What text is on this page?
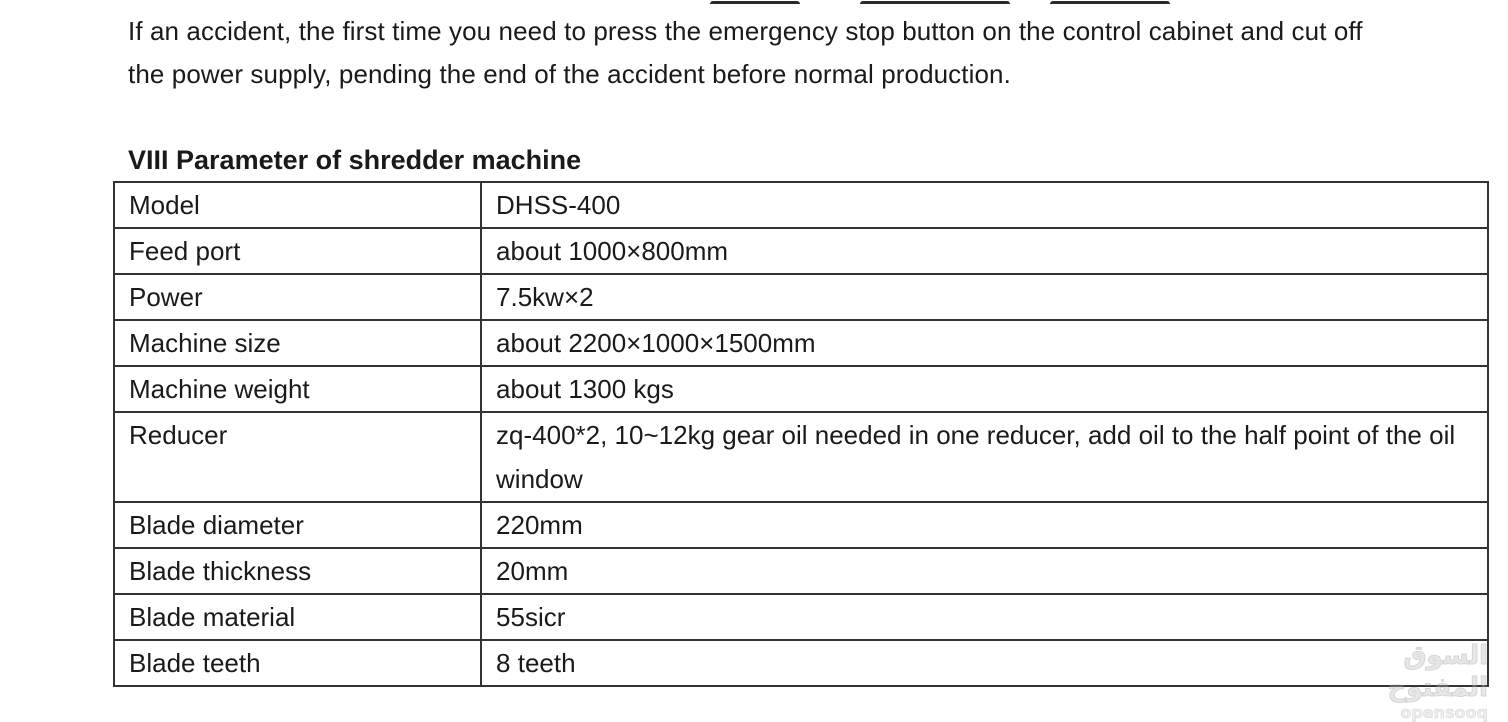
If an accident, the first time you need to press the emergency stop button on the control cabinet and cut off

the power supply, pending the end of the accident before normal production.

VIII Parameter of shredder machine
Model	DHSS-400
Feed port	about 1000×800mm
Power	7.5kw×2
Machine size	about 2200×1000×1500mm
Machine weight	about 1300 kgs
Reducer	zq-400*2, 10~12kg gear oil needed in one reducer, add oil to the half point of the oil window
Blade diameter	220mm
Blade thickness	20mm
Blade material	55sicr
Blade teeth	8 teeth	السوق المفتوح
opensooq
